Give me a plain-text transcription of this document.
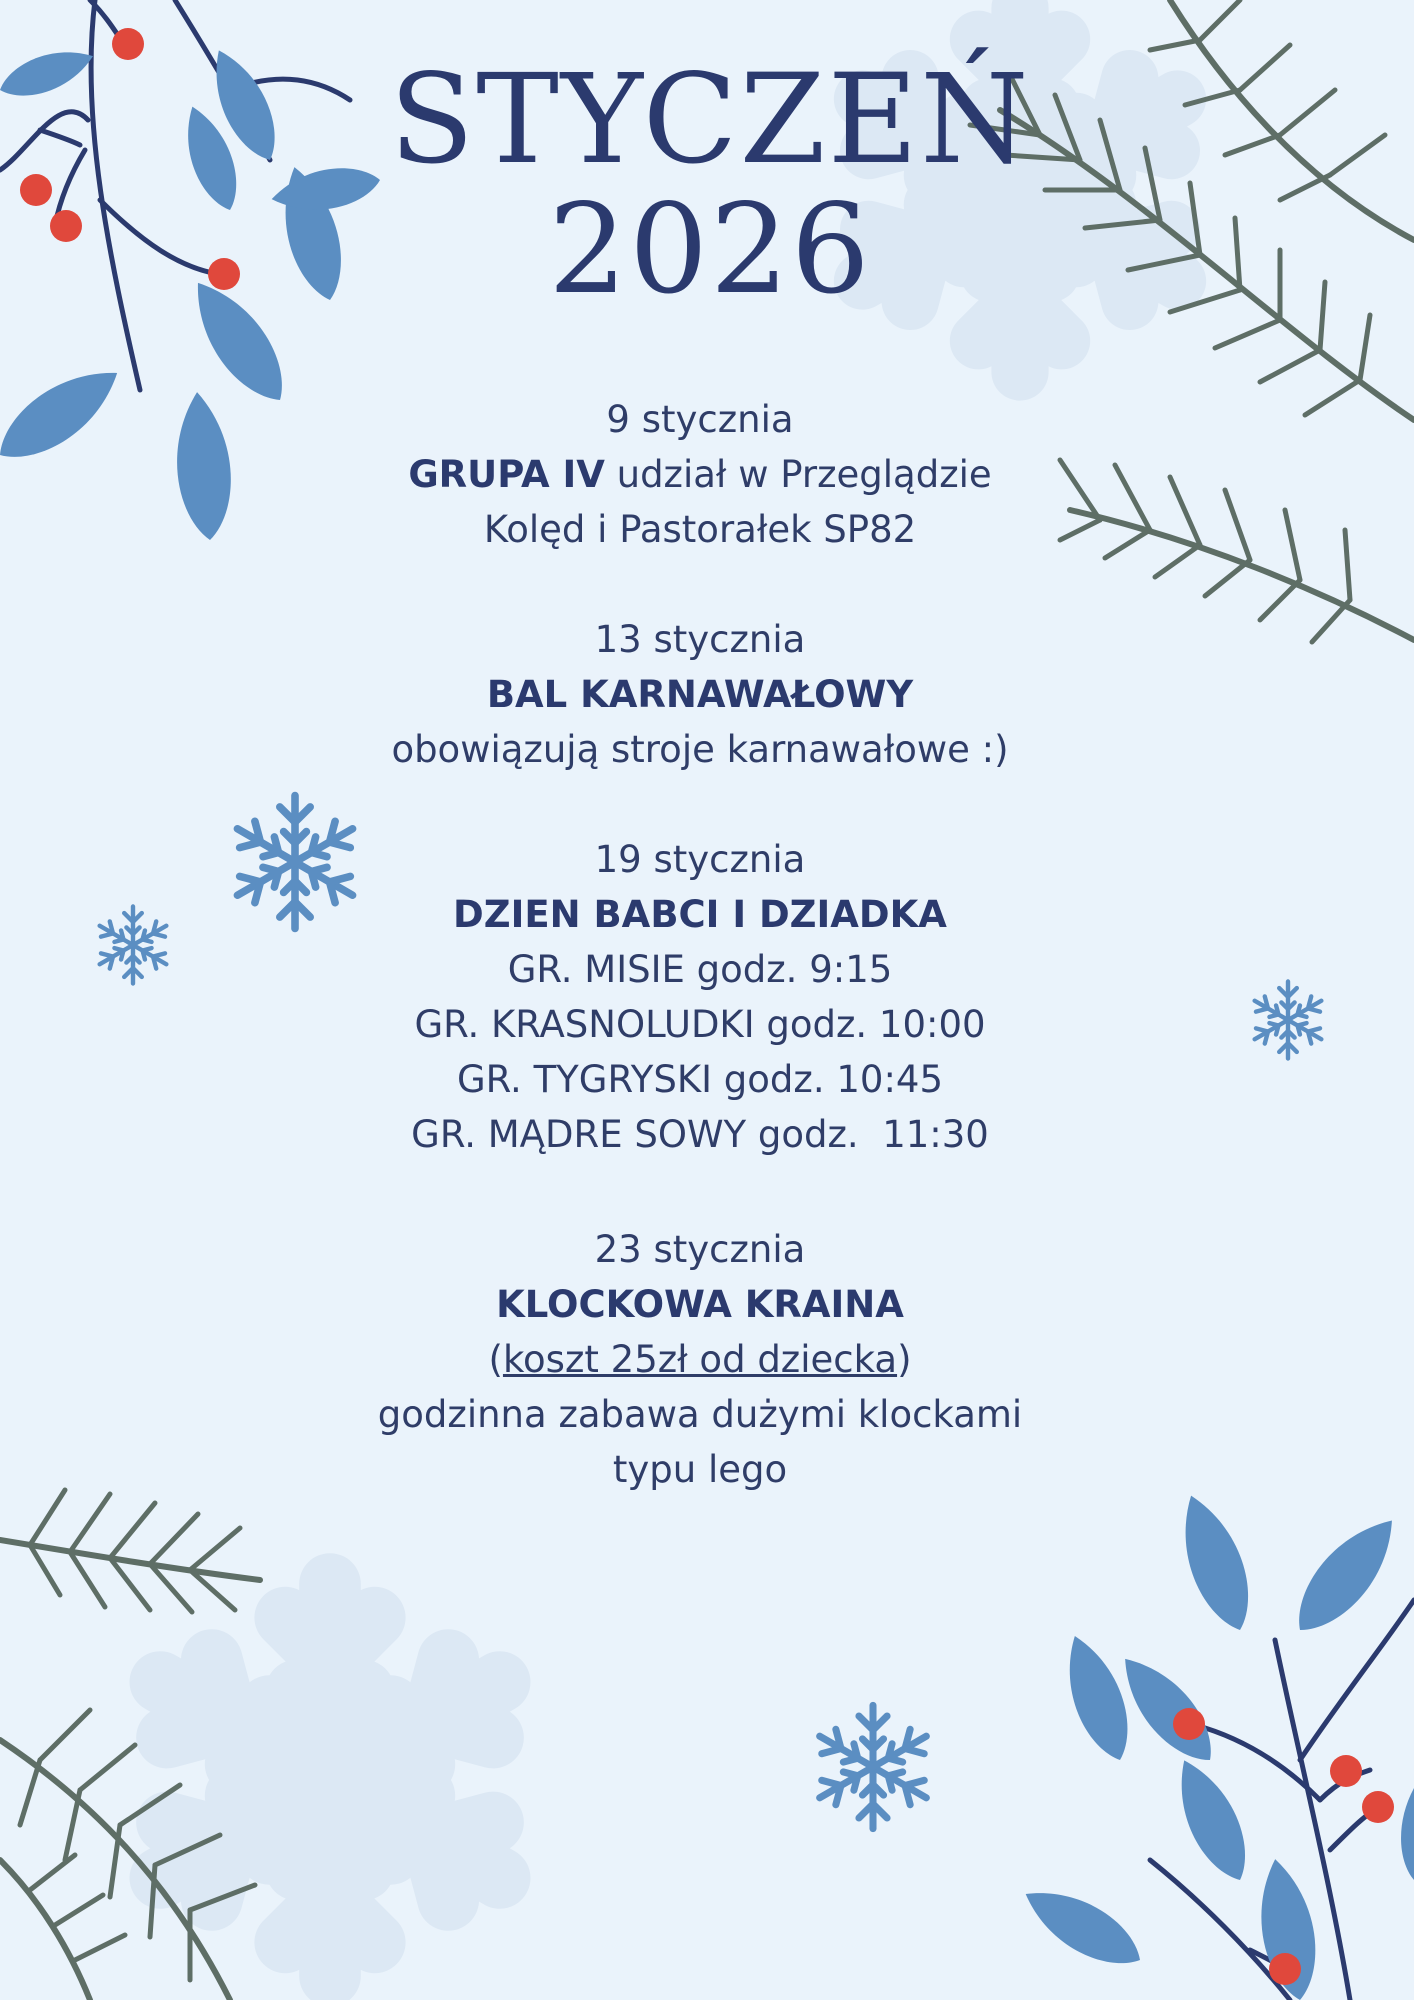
STYCZEŃ
2026

9 stycznia

GRUPA IV udział w Przeglądzie

Kolęd i Pastorałek SP82

13 stycznia

BAL KARNAWAŁOWY

obowiązują stroje karnawałowe :)

19 stycznia

DZIEN BABCI I DZIADKA

GR. MISIE godz. 9:15

GR. KRASNOLUDKI godz. 10:00

GR. TYGRYSKI godz. 10:45

GR. MĄDRE SOWY godz.  11:30

23 stycznia

KLOCKOWA KRAINA

(koszt 25zł od dziecka)

godzinna zabawa dużymi klockami

typu lego
